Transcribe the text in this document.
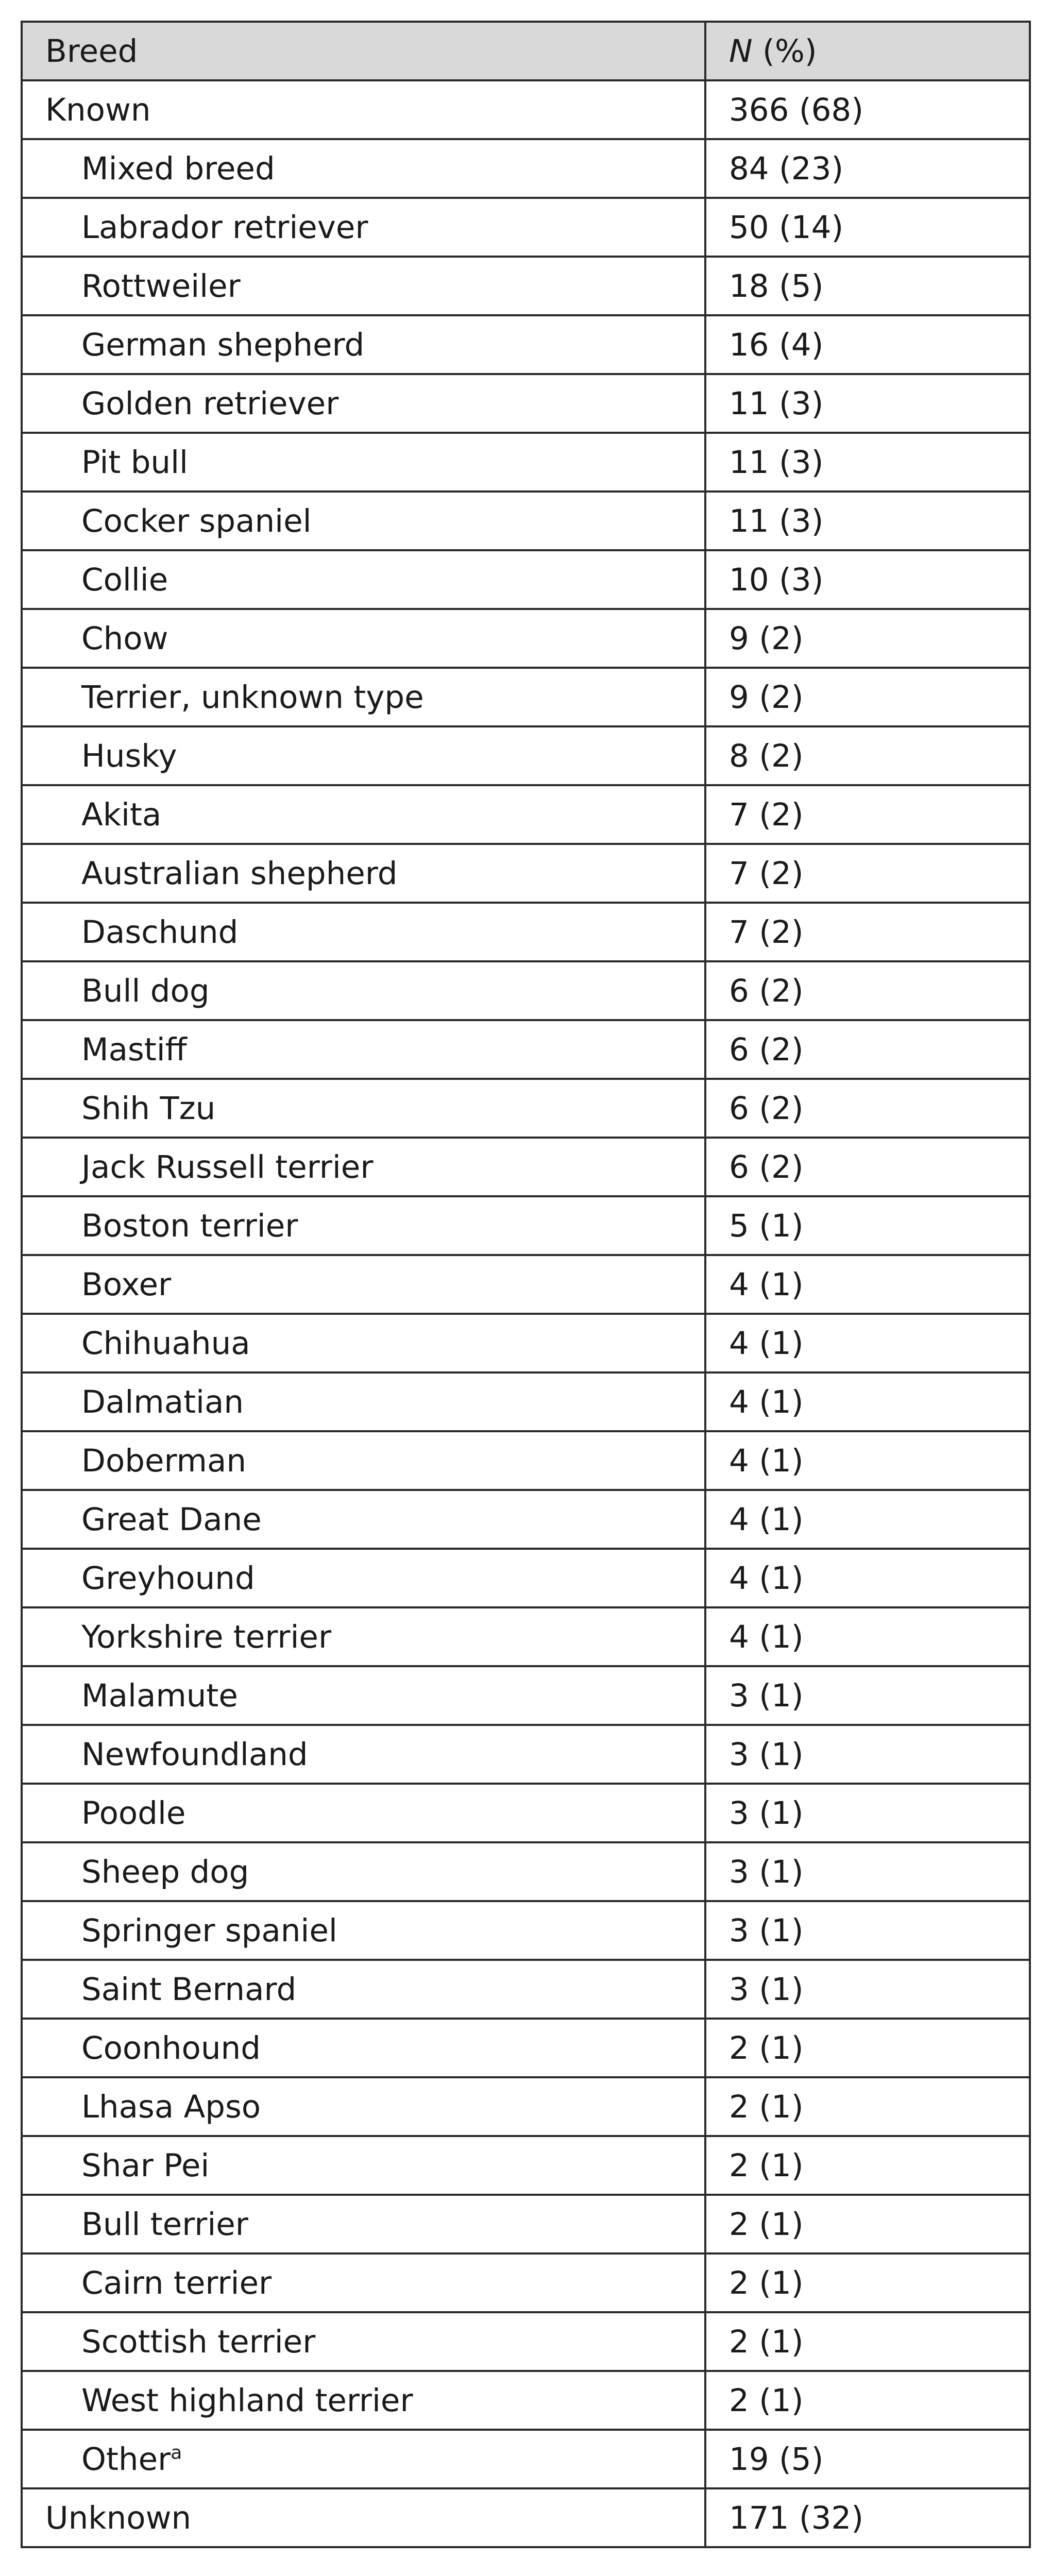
Breed	N (%)
Known	366 (68)
Mixed breed	84 (23)
Labrador retriever	50 (14)
Rottweiler	18 (5)
German shepherd	16 (4)
Golden retriever	11 (3)
Pit bull	11 (3)
Cocker spaniel	11 (3)
Collie	10 (3)
Chow	9 (2)
Terrier, unknown type	9 (2)
Husky	8 (2)
Akita	7 (2)
Australian shepherd	7 (2)
Daschund	7 (2)
Bull dog	6 (2)
Mastiff	6 (2)
Shih Tzu	6 (2)
Jack Russell terrier	6 (2)
Boston terrier	5 (1)
Boxer	4 (1)
Chihuahua	4 (1)
Dalmatian	4 (1)
Doberman	4 (1)
Great Dane	4 (1)
Greyhound	4 (1)
Yorkshire terrier	4 (1)
Malamute	3 (1)
Newfoundland	3 (1)
Poodle	3 (1)
Sheep dog	3 (1)
Springer spaniel	3 (1)
Saint Bernard	3 (1)
Coonhound	2 (1)
Lhasa Apso	2 (1)
Shar Pei	2 (1)
Bull terrier	2 (1)
Cairn terrier	2 (1)
Scottish terrier	2 (1)
West highland terrier	2 (1)
Other$^a$	19 (5)
Unknown	171 (32)
